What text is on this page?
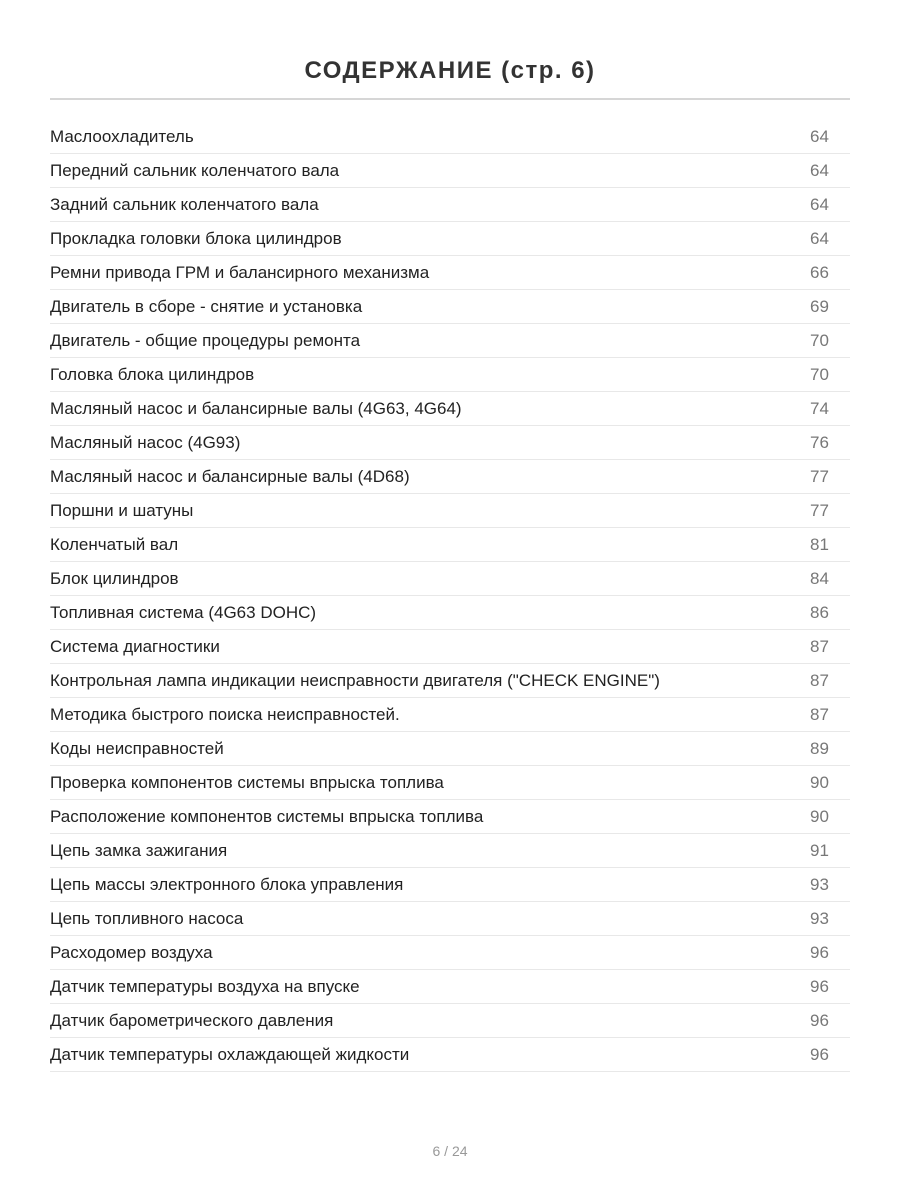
СОДЕРЖАНИЕ (стр. 6)
Маслоохладитель	64
Передний сальник коленчатого вала	64
Задний сальник коленчатого вала	64
Прокладка головки блока цилиндров	64
Ремни привода ГРМ и балансирного механизма	66
Двигатель в сборе - снятие и установка	69
Двигатель - общие процедуры ремонта	70
Головка блока цилиндров	70
Масляный насос и балансирные валы (4G63, 4G64)	74
Масляный насос (4G93)	76
Масляный насос и балансирные валы (4D68)	77
Поршни и шатуны	77
Коленчатый вал	81
Блок цилиндров	84
Топливная система (4G63 DOHC)	86
Система диагностики	87
Контрольная лампа индикации неисправности двигателя ("CHECK ENGINE")	87
Методика быстрого поиска неисправностей.	87
Коды неисправностей	89
Проверка компонентов системы впрыска топлива	90
Расположение компонентов системы впрыска топлива	90
Цепь замка зажигания	91
Цепь массы электронного блока управления	93
Цепь топливного насоса	93
Расходомер воздуха	96
Датчик температуры воздуха на впуске	96
Датчик барометрического давления	96
Датчик температуры охлаждающей жидкости	96
6 / 24
